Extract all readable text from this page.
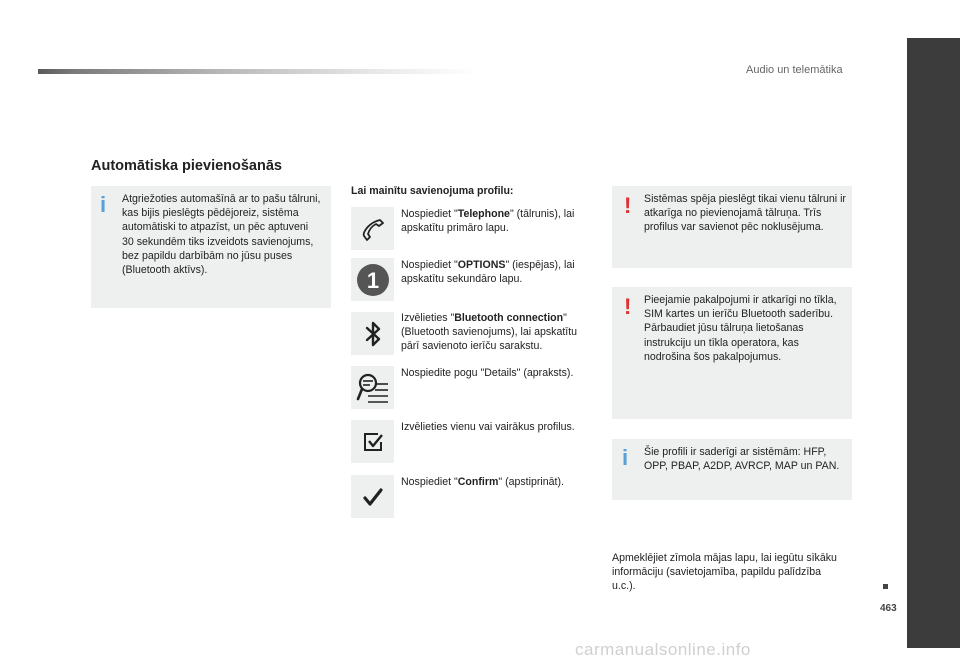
Audio un telemātika
463
Automātiska pievienošanās
i Atgriežoties automašīnā ar to pašu tālruni, kas bijis pieslēgts pēdējoreiz, sistēma automātiski to atpazīst, un pēc aptuveni 30 sekundēm tiks izveidots savienojums, bez papildu darbībām no jūsu puses (Bluetooth aktīvs).
Lai mainītu savienojuma profilu:
Nospiediet "Telephone" (tālrunis), lai apskatītu primāro lapu.
1
Nospiediet "OPTIONS" (iespējas), lai apskatītu sekundāro lapu.
Izvēlieties "Bluetooth connection" (Bluetooth savienojums), lai apskatītu pārī savienoto ierīču sarakstu.
Nospiedite pogu "Details" (apraksts).
Izvēlieties vienu vai vairākus profilus.
Nospiediet "Confirm" (apstiprināt).
! Sistēmas spēja pieslēgt tikai vienu tālruni ir atkarīga no pievienojamā tālruņa. Trīs profilus var savienot pēc noklusējuma.
! Pieejamie pakalpojumi ir atkarīgi no tīkla, SIM kartes un ierīču Bluetooth saderību. Pārbaudiet jūsu tālruņa lietošanas instrukciju un tīkla operatora, kas nodrošina šos pakalpojumus.
i Šie profili ir saderīgi ar sistēmām: HFP, OPP, PBAP, A2DP, AVRCP, MAP un PAN.
Apmeklējiet zīmola mājas lapu, lai iegūtu sīkāku informāciju (savietojamība, papildu palīdzība u.c.).
carmanualsonline.info
